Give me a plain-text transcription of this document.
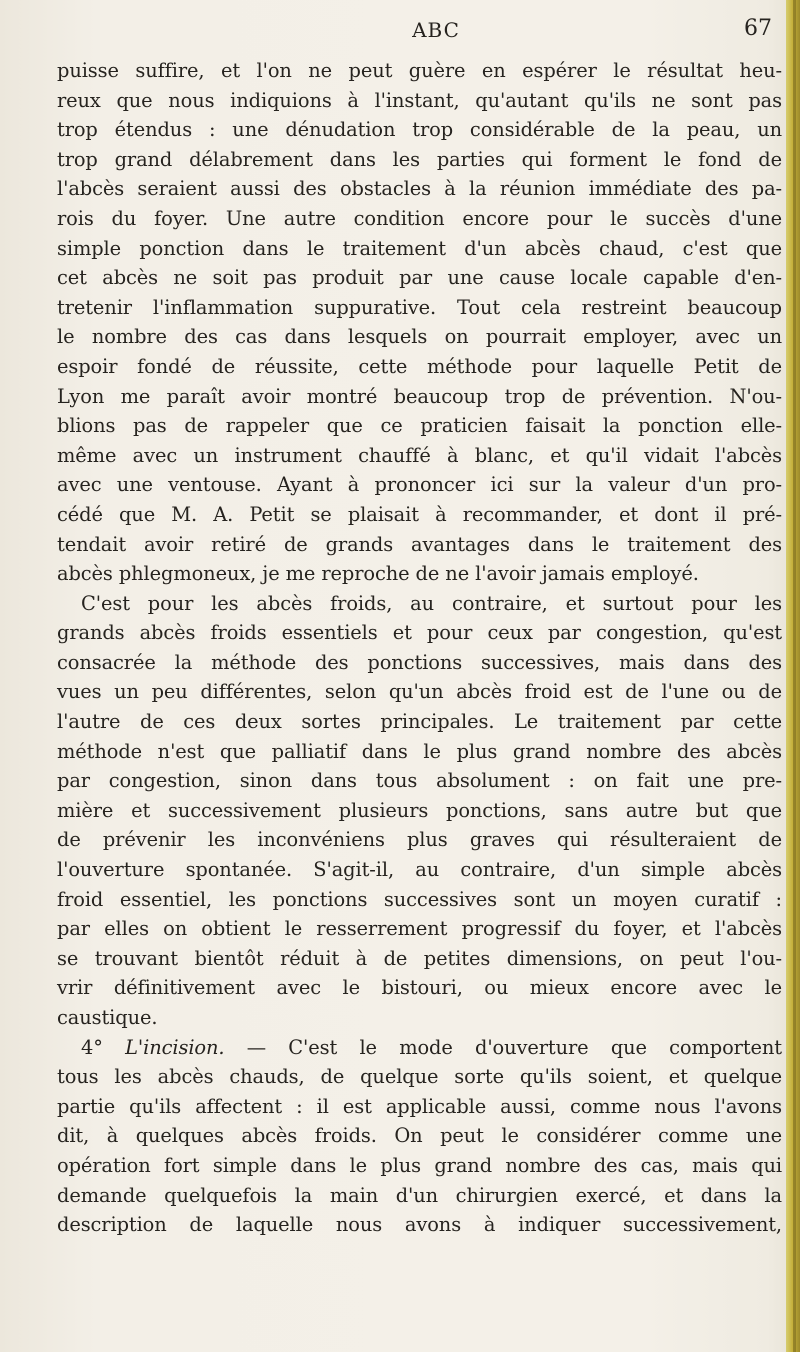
ABC	67
puisse suffire, et l'on ne peut guère en espérer le résultat heu-
reux que nous indiquions à l'instant, qu'autant qu'ils ne sont pas
trop étendus : une dénudation trop considérable de la peau, un
trop grand délabrement dans les parties qui forment le fond de
l'abcès seraient aussi des obstacles à la réunion immédiate des pa-
rois du foyer. Une autre condition encore pour le succès d'une
simple ponction dans le traitement d'un abcès chaud, c'est que
cet abcès ne soit pas produit par une cause locale capable d'en-
tretenir l'inflammation suppurative. Tout cela restreint beaucoup
le nombre des cas dans lesquels on pourrait employer, avec un
espoir fondé de réussite, cette méthode pour laquelle Petit de
Lyon me paraît avoir montré beaucoup trop de prévention. N'ou-
blions pas de rappeler que ce praticien faisait la ponction elle-
même avec un instrument chauffé à blanc, et qu'il vidait l'abcès
avec une ventouse. Ayant à prononcer ici sur la valeur d'un pro-
cédé que M. A. Petit se plaisait à recommander, et dont il pré-
tendait avoir retiré de grands avantages dans le traitement des
abcès phlegmoneux, je me reproche de ne l'avoir jamais employé.
C'est pour les abcès froids, au contraire, et surtout pour les
grands abcès froids essentiels et pour ceux par congestion, qu'est
consacrée la méthode des ponctions successives, mais dans des
vues un peu différentes, selon qu'un abcès froid est de l'une ou de
l'autre de ces deux sortes principales. Le traitement par cette
méthode n'est que palliatif dans le plus grand nombre des abcès
par congestion, sinon dans tous absolument : on fait une pre-
mière et successivement plusieurs ponctions, sans autre but que
de prévenir les inconvéniens plus graves qui résulteraient de
l'ouverture spontanée. S'agit-il, au contraire, d'un simple abcès
froid essentiel, les ponctions successives sont un moyen curatif :
par elles on obtient le resserrement progressif du foyer, et l'abcès
se trouvant bientôt réduit à de petites dimensions, on peut l'ou-
vrir définitivement avec le bistouri, ou mieux encore avec le
caustique.
4° L'incision. — C'est le mode d'ouverture que comportent
tous les abcès chauds, de quelque sorte qu'ils soient, et quelque
partie qu'ils affectent : il est applicable aussi, comme nous l'avons
dit, à quelques abcès froids. On peut le considérer comme une
opération fort simple dans le plus grand nombre des cas, mais qui
demande quelquefois la main d'un chirurgien exercé, et dans la
description de laquelle nous avons à indiquer successivement,
